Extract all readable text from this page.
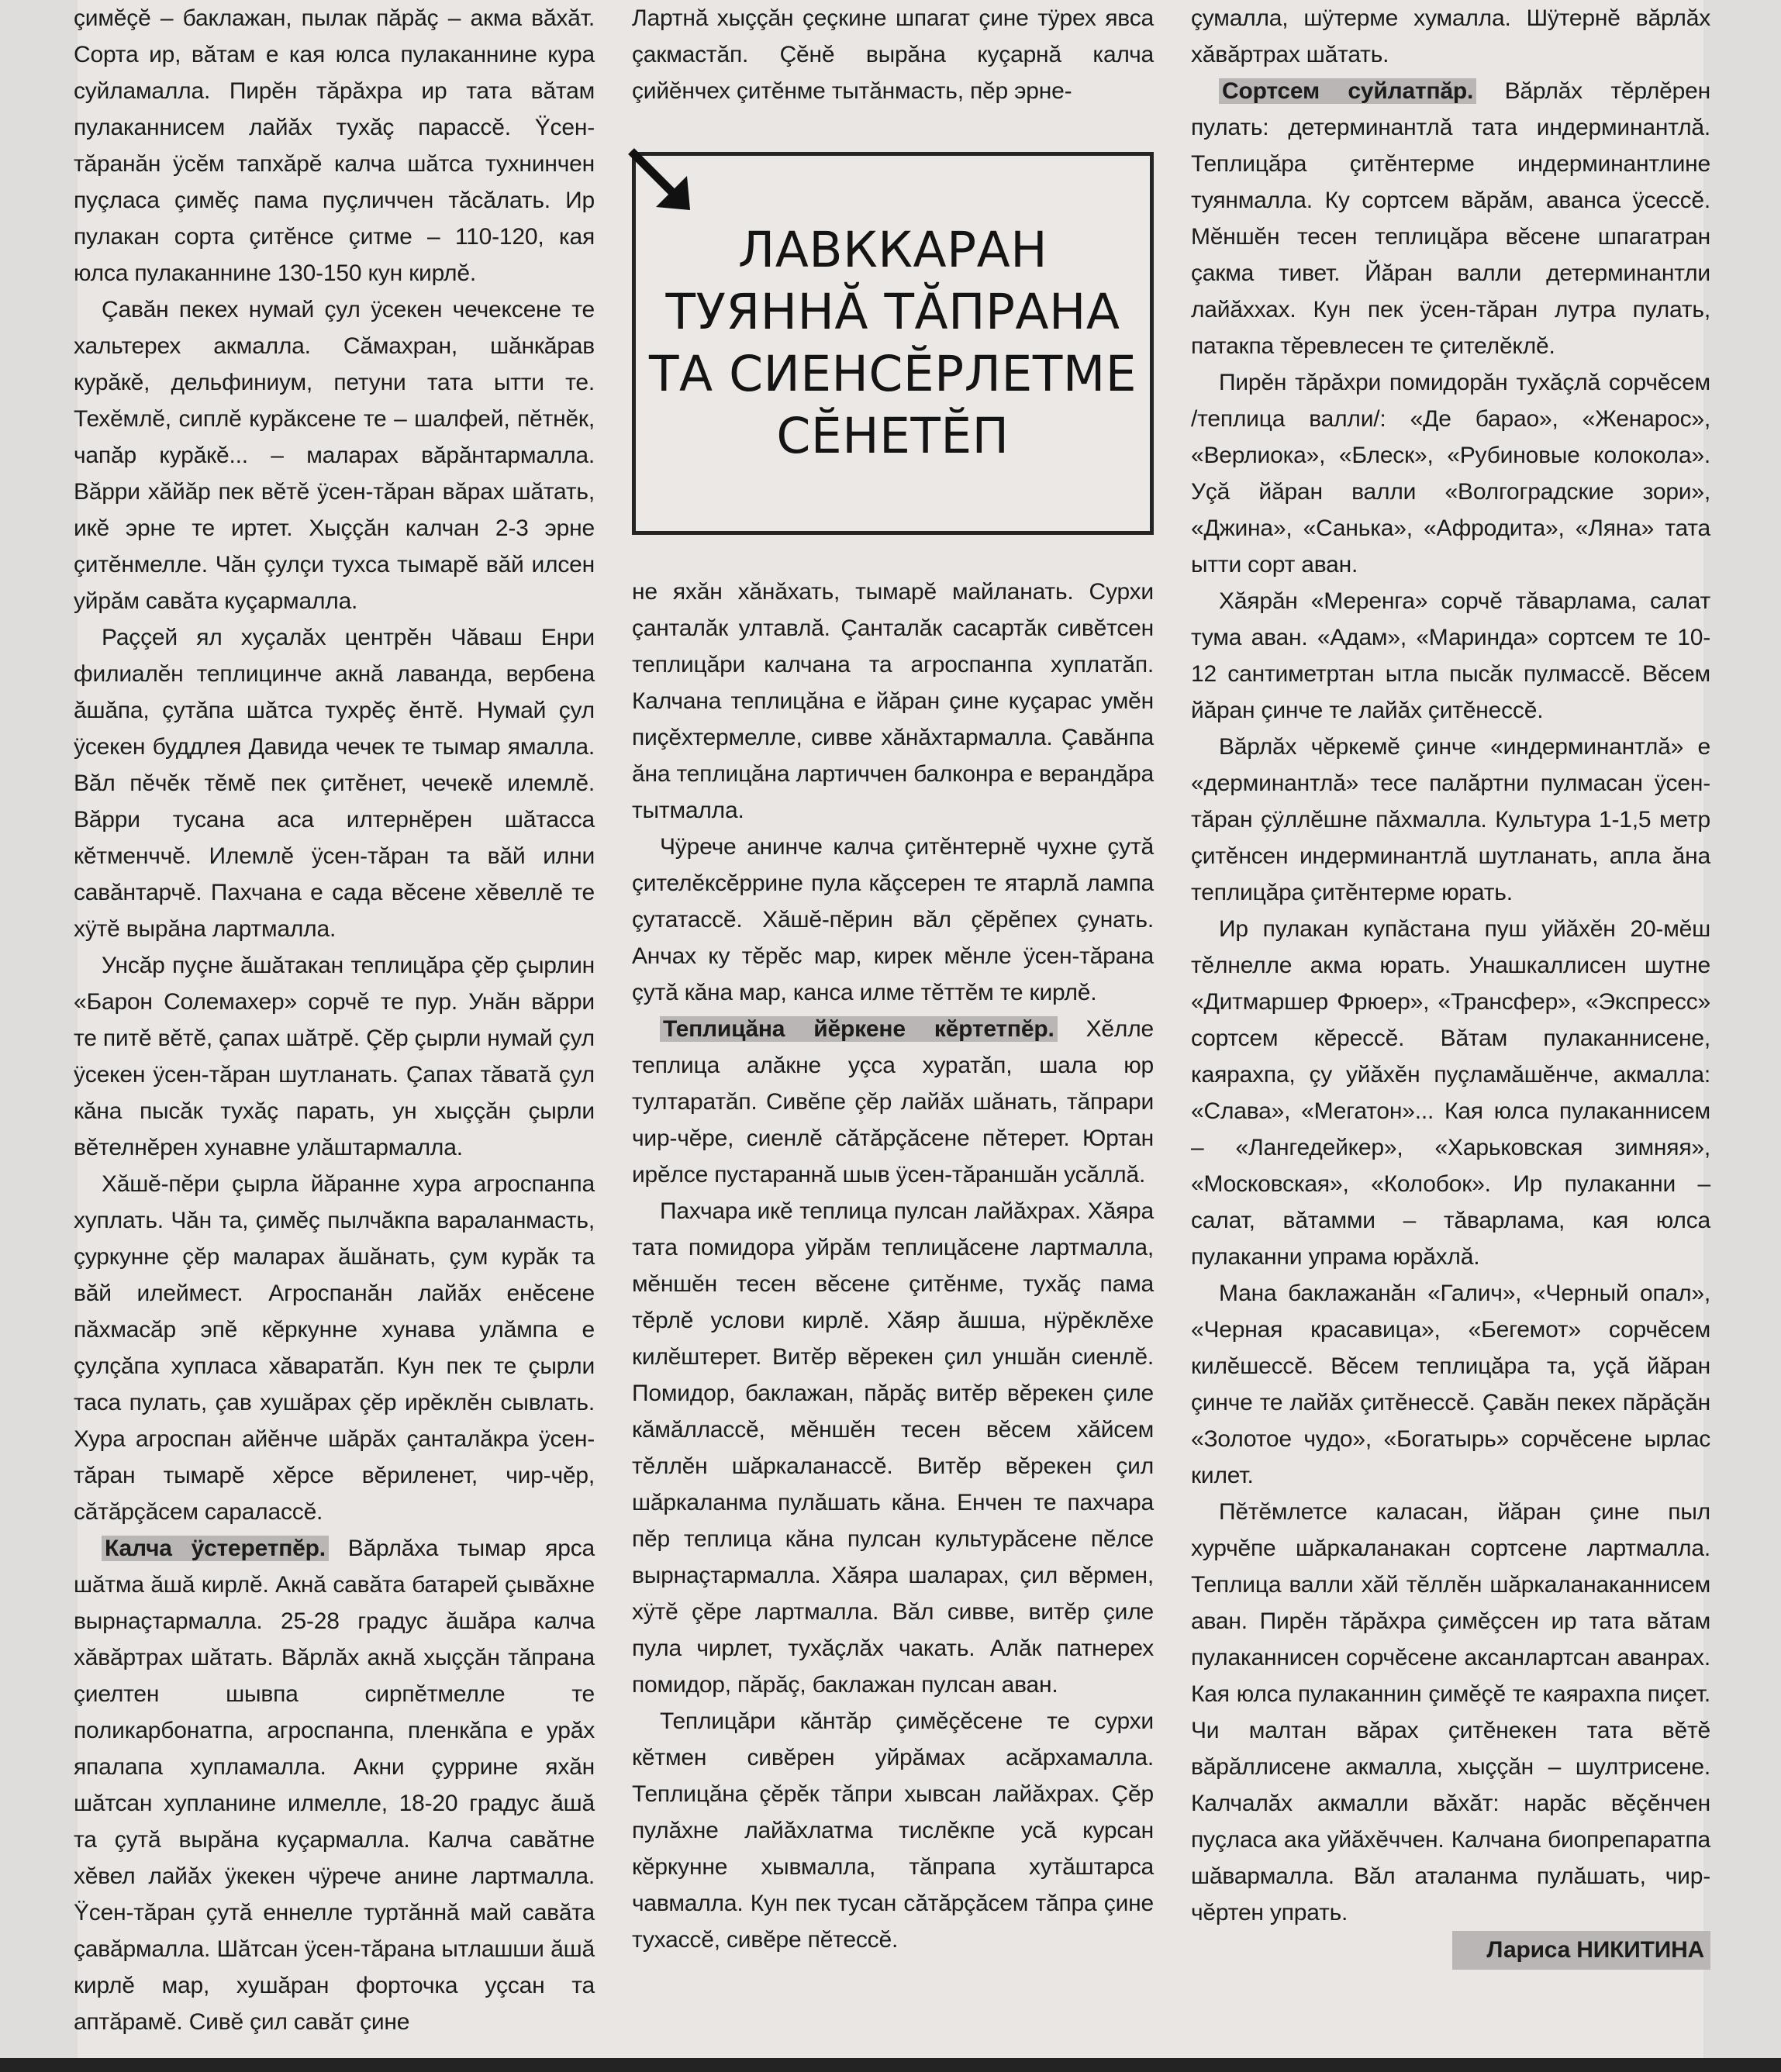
çимĕçĕ – баклажан, пылак пăрăç – акма вăхăт. Сорта ир, вăтам е кая юлса пулаканнине кура суйламалла. Пирĕн тăрăхра ир тата вăтам пулаканнисем лайăх тухăç парассĕ. Ÿсен-тăранăн ÿсĕм тапхăрĕ калча шăтса тухнинчен пуçласа çимĕç пама пуçличчен тăсăлать. Ир пулакан сорта çитĕнсе çитме – 110-120, кая юлса пулаканнине 130-150 кун кирлĕ.

Çавăн пекех нумай çул ÿсекен чечексене те хальтерех акмалла. Сăмахран, шăнкăрав курăкĕ, дельфиниум, петуни тата ытти те. Техĕмлĕ, сиплĕ курăксене те – шалфей, пĕтнĕк, чапăр курăкĕ... – малараx вăрăнтармалла. Вăрри хăйăр пек вĕтĕ ÿсен-тăран вăрах шăтать, икĕ эрне те иртет. Хыççăн калчан 2-3 эрне çитĕнмелле. Чăн çулçи тухса тымарĕ вăй илсен уйрăм савăта куçармалла.

Раççей ял хуçалăх центрĕн Чăваш Енри филиалĕн теплицинче акнă лаванда, вербена ăшăпа, çутăпа шăтса тухрĕç ĕнтĕ. Нумай çул ÿсекен буддлея Давида чечек те тымар ямалла. Вăл пĕчĕк тĕмĕ пек çитĕнет, чечекĕ илемлĕ. Вăрри тусана аса илтернĕрен шăтасса кĕтменччĕ. Илемлĕ ÿсен-тăран та вăй илни савăнтарчĕ. Пахчана е сада вĕсене хĕвеллĕ те хÿтĕ вырăна лартмалла.

Унсăр пуçне ăшăтакан теплицăра çĕр çырлин «Барон Солемахер» сорчĕ те пур. Унăн вăрри те питĕ вĕтĕ, çапах шăтрĕ. Çĕр çырли нумай çул ÿсекен ÿсен-тăран шутланать. Çапах тăватă çул кăна пысăк тухăç парать, ун хыççăн çырли вĕтелнĕрен хунавне улăштармалла.

Хăшĕ-пĕри çырла йăранне хура агроспанпа хуплать. Чăн та, çимĕç пылчăкпа вараланмасть, çуркунне çĕр маларах ăшăнать, çум курăк та вăй илеймест. Агроспанăн лайăх енĕсене пăхмасăр эпĕ кĕркунне хунава улăмпа е çулçăпа хупласа хăваратăп. Кун пек те çырли таса пулать, çав хушăрах çĕр ирĕклĕн сывлать. Хура агроспан айĕнче шăрăх çанталăкра ÿсен-тăран тымарĕ хĕрсе вĕриленет, чир-чĕр, сăтăрçăсем саралассĕ.

Калча ÿстеретпĕр. Вăрлăха тымар ярса шăтма ăшă кирлĕ. Акнă савăта батарей çывăхне вырнаçтармалла. 25-28 градус ăшăра калча хăвăртрах шăтать. Вăрлăх акнă хыççăн тăпрана çиелтен шывпа сирпĕтмелле те поликарбонатпа, агроспанпа, пленкăпа е урăх япалапа хупламалла. Акни çуррине яхăн шăтсан хупланине илмелле, 18-20 градус ăшă та çутă вырăна куçармалла. Калча савăтне хĕвел лайăх ÿкекен чÿрече анине лартмалла. Ÿсен-тăран çутă еннелле туртăннă май савăта çавăрмалла. Шăтсан ÿсен-тăрана ытлашши ăшă кирлĕ мар, хушăран форточка уçсан та аптăрамĕ. Сивĕ çил савăт çине

Лартнă хыççăн çеçкине шпагат çине тÿрех явса çакмастăп. Çĕнĕ вырăна куçарнă калча çийĕнчех çитĕнме тытăнмасть, пĕр эрне-

ЛАВККАРАН
ТУЯННĂ ТĂПРАНА
ТА СИЕНСĔРЛЕТМЕ
СĔНЕТĔП

не яхăн хăнăхать, тымарĕ майланать. Сурхи çанталăк ултавлă. Çанталăк сасартăк сивĕтсен теплицăри калчана та агроспанпа хуплатăп. Калчана теплицăна е йăран çине куçарас умĕн пиçĕхтермелле, сивве хăнăхтармалла. Çавăнпа ăна теплицăна лартиччен балконра е верандăра тытмалла.

Чÿрече анинче калча çитĕнтернĕ чухне çутă çителĕксĕррине пула кăçсерен те ятарлă лампа çутатассĕ. Хăшĕ-пĕрин вăл çĕрĕпех çунать. Анчах ку тĕрĕс мар, кирек мĕнле ÿсен-тăрана çутă кăна мар, канса илме тĕттĕм те кирлĕ.

Теплицăна йĕркене кĕртетпĕр. Хĕлле теплица алăкне уçса хуратăп, шала юр тултаратăп. Сивĕпе çĕр лайăх шăнать, тăпрари чир-чĕре, сиенлĕ сăтăрçăсене пĕтерет. Юртан ирĕлсе пустараннă шыв ÿсен-тăраншăн усăллă.

Пахчара икĕ теплица пулсан лайăхрах. Хăяра тата помидора уйрăм теплицăсене лартмалла, мĕншĕн тесен вĕсене çитĕнме, тухăç пама тĕрлĕ услови кирлĕ. Хăяр ăшша, нÿрĕклĕхе килĕштерет. Витĕр вĕрекен çил уншăн сиенлĕ. Помидор, баклажан, пăрăç витĕр вĕрекен çиле кăмăллассĕ, мĕншĕн тесен вĕсем хăйсем тĕллĕн шăркаланассĕ. Витĕр вĕрекен çил шăркаланма пулăшать кăна. Енчен те пахчара пĕр теплица кăна пулсан культурăсене пĕлсе вырнаçтармалла. Хăяра шаларах, çил вĕрмен, хÿтĕ çĕре лартмалла. Вăл сивве, витĕр çиле пула чирлет, тухăçлăх чакать. Алăк патнерех помидор, пăрăç, баклажан пулсан аван.

Теплицăри кăнтăр çимĕçĕсене те сурхи кĕтмен сивĕрен уйрăмах асăрхамалла. Теплицăна çĕрĕк тăпри хывсан лайăхрах. Çĕр пулăхне лайăхлатма тислĕкпе усă курсан кĕркунне хывмалла, тăпрапа хутăштарса чавмалла. Кун пек тусан сăтăрçăсем тăпра çине тухассĕ, сивĕре пĕтессĕ.

çумалла, шÿтерме хумалла. Шÿтернĕ вăрлăх хăвăртрах шăтать.

Сортсем суйлатпăр. Вăрлăх тĕрлĕрен пулать: детерминантлă тата индерминантлă. Теплицăра çитĕнтерме индерминантлине туянмалла. Ку сортсем вăрăм, аванса ÿсессĕ. Мĕншĕн тесен теплицăра вĕсене шпагатран çакма тивет. Йăран валли детерминантли лайăххах. Кун пек ÿсен-тăран лутра пулать, патакпа тĕревлесен те çителĕклĕ.

Пирĕн тăрăхри помидорăн тухăçлă сорчĕсем /теплица валли/: «Де барао», «Женарос», «Верлиока», «Блеск», «Рубиновые колокола». Уçă йăран валли «Волгоградские зори», «Джина», «Санька», «Афродита», «Ляна» тата ытти сорт аван.

Хăярăн «Меренга» сорчĕ тăварлама, салат тума аван. «Адам», «Маринда» сортсем те 10-12 сантиметртан ытла пысăк пулмассĕ. Вĕсем йăран çинче те лайăх çитĕнессĕ.

Вăрлăх чĕркемĕ çинче «индерминантлă» е «дерминантлă» тесе палăртни пулмасан ÿсен-тăран çÿллĕшне пăхмалла. Культура 1-1,5 метр çитĕнсен индерминантлă шутланать, апла ăна теплицăра çитĕнтерме юрать.

Ир пулакан купăстана пуш уйăхĕн 20-мĕш тĕлнелле акма юрать. Унашкаллисен шутне «Дитмаршер Фрюер», «Трансфер», «Экспресс» сортсем кĕрессĕ. Вăтам пулаканнисене, каярахпа, çу уйăхĕн пуçламăшĕнче, акмалла: «Слава», «Мегатон»... Кая юлса пулаканнисем – «Лангедейкер», «Харьковская зимняя», «Московская», «Колобок». Ир пулаканни – салат, вăтамми – тăварлама, кая юлса пулаканни упрама юрăхлă.

Мана баклажанăн «Галич», «Черный опал», «Черная красавица», «Бегемот» сорчĕсем килĕшессĕ. Вĕсем теплицăра та, уçă йăран çинче те лайăх çитĕнессĕ. Çавăн пекех пăрăçăн «Золотое чудо», «Богатырь» сорчĕсене ырлас килет.

Пĕтĕмлетсе каласан, йăран çине пыл хурчĕпе шăркаланакан сортсене лартмалла. Теплица валли хăй тĕллĕн шăркаланаканнисем аван. Пирĕн тăрăхра çимĕçсен ир тата вăтам пулаканнисен сорчĕсене аксанлартсан аванрах. Кая юлса пулаканнин çимĕçĕ те каярахпа пиçет. Чи малтан вăрах çитĕнекен тата вĕтĕ вăрăллисене акмалла, хыççăн – шултрисене. Калчалăх акмалли вăхăт: нарăс вĕçĕнчен пуçласа ака уйăхĕччен. Калчана биопрепаратпа шăвармалла. Вăл аталанма пулăшать, чир-чĕртен упрать.

Лариса НИКИТИНА
